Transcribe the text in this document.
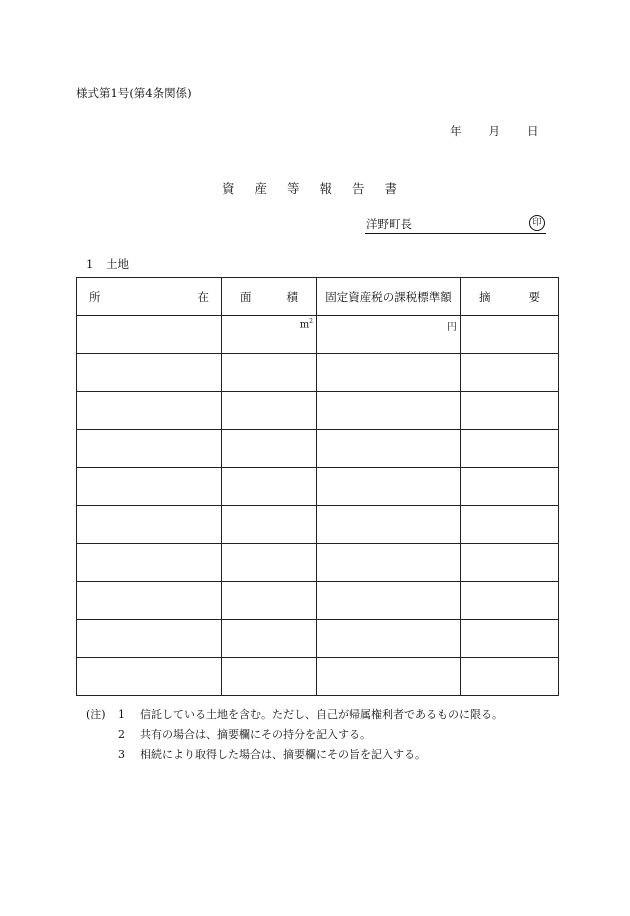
様式第1号(第4条関係)
年 月 日
資産等報告書
洋野町長	印
1 土地
所 在	面 積	固定資産税の課税標準額	摘 要

	$m^2$	円	

(注)	1	信託している土地を含む。ただし、自己が帰属権利者であるものに限る。
2	共有の場合は、摘要欄にその持分を記入する。
3	相続により取得した場合は、摘要欄にその旨を記入する。
